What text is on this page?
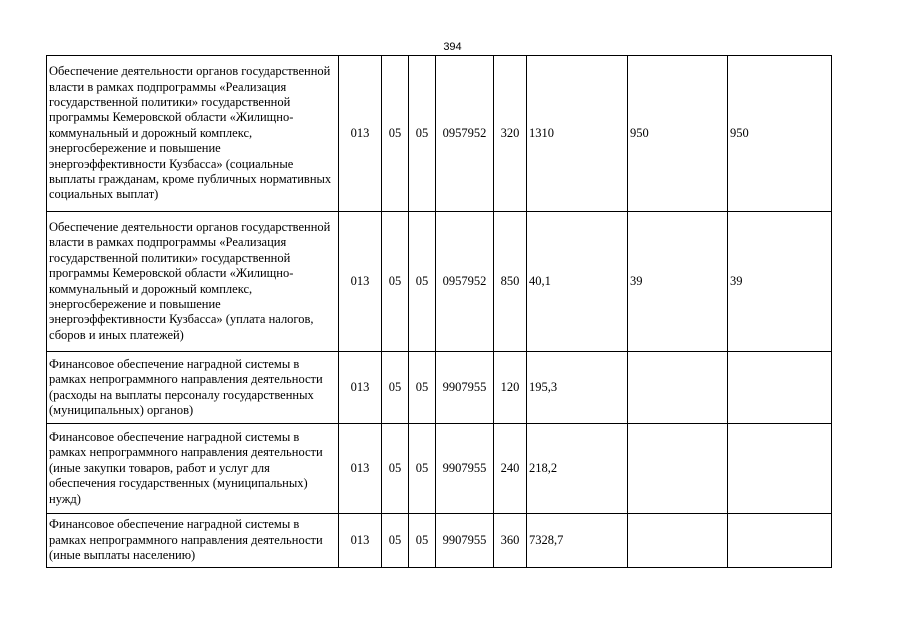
394
Обеспечение деятельности органов государственной власти в рамках подпрограммы «Реализация государственной политики» государственной программы Кемеровской области «Жилищно-коммунальный и дорожный комплекс, энергосбережение и повышение энергоэффективности Кузбасса» (социальные выплаты гражданам, кроме публичных нормативных социальных выплат)	013	05	05	0957952	320	1310	950	950
Обеспечение деятельности органов государственной власти в рамках подпрограммы «Реализация государственной политики» государственной программы Кемеровской области «Жилищно-коммунальный и дорожный комплекс, энергосбережение и повышение энергоэффективности Кузбасса» (уплата налогов, сборов и иных платежей)	013	05	05	0957952	850	40,1	39	39
Финансовое обеспечение наградной системы в рамках непрограммного направления деятельности (расходы на выплаты персоналу государственных (муниципальных) органов)	013	05	05	9907955	120	195,3		
Финансовое обеспечение наградной системы в рамках непрограммного направления деятельности (иные закупки товаров, работ и услуг для обеспечения государственных (муниципальных) нужд)	013	05	05	9907955	240	218,2		
Финансовое обеспечение наградной системы в рамках непрограммного направления деятельности (иные выплаты населению)	013	05	05	9907955	360	7328,7		
